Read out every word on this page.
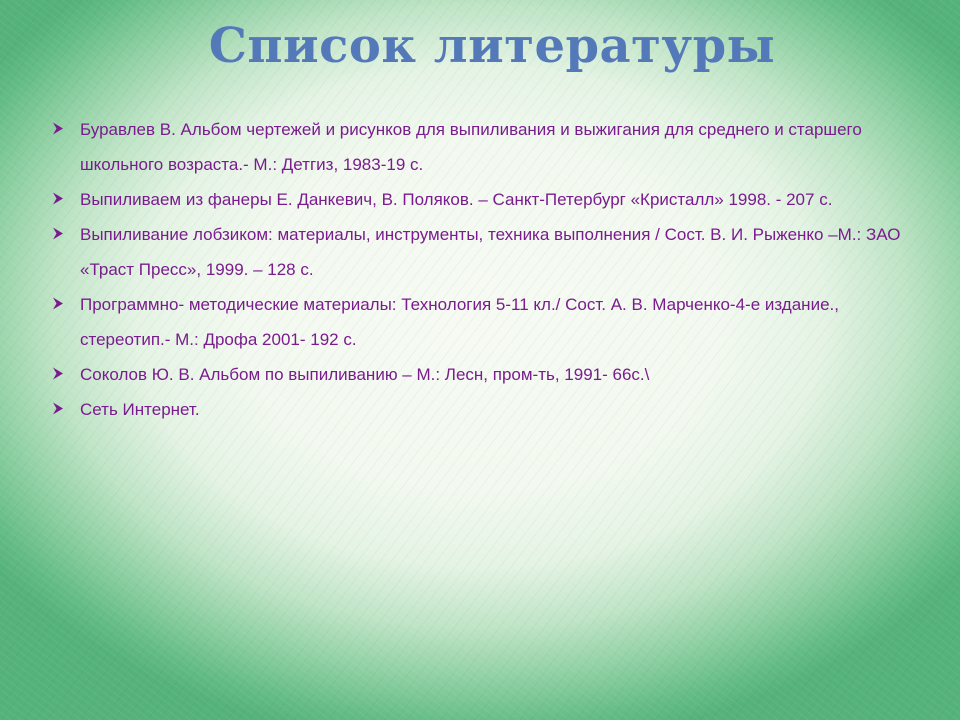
Список литературы
Буравлев В. Альбом чертежей и рисунков для выпиливания и выжигания для среднего и старшего школьного возраста.- М.: Детгиз, 1983-19 с.
Выпиливаем из фанеры Е. Данкевич, В. Поляков. – Санкт-Петербург «Кристалл» 1998. - 207 с.
Выпиливание лобзиком: материалы, инструменты, техника выполнения / Сост. В. И. Рыженко –М.: ЗАО «Траст Пресс», 1999. – 128 с.
Программно- методические материалы: Технология 5-11 кл./ Сост. А. В. Марченко-4-е издание., стереотип.- М.: Дрофа 2001- 192 с.
Соколов Ю. В. Альбом по выпиливанию – М.: Лесн, пром-ть, 1991- 66с.\
Сеть Интернет.
